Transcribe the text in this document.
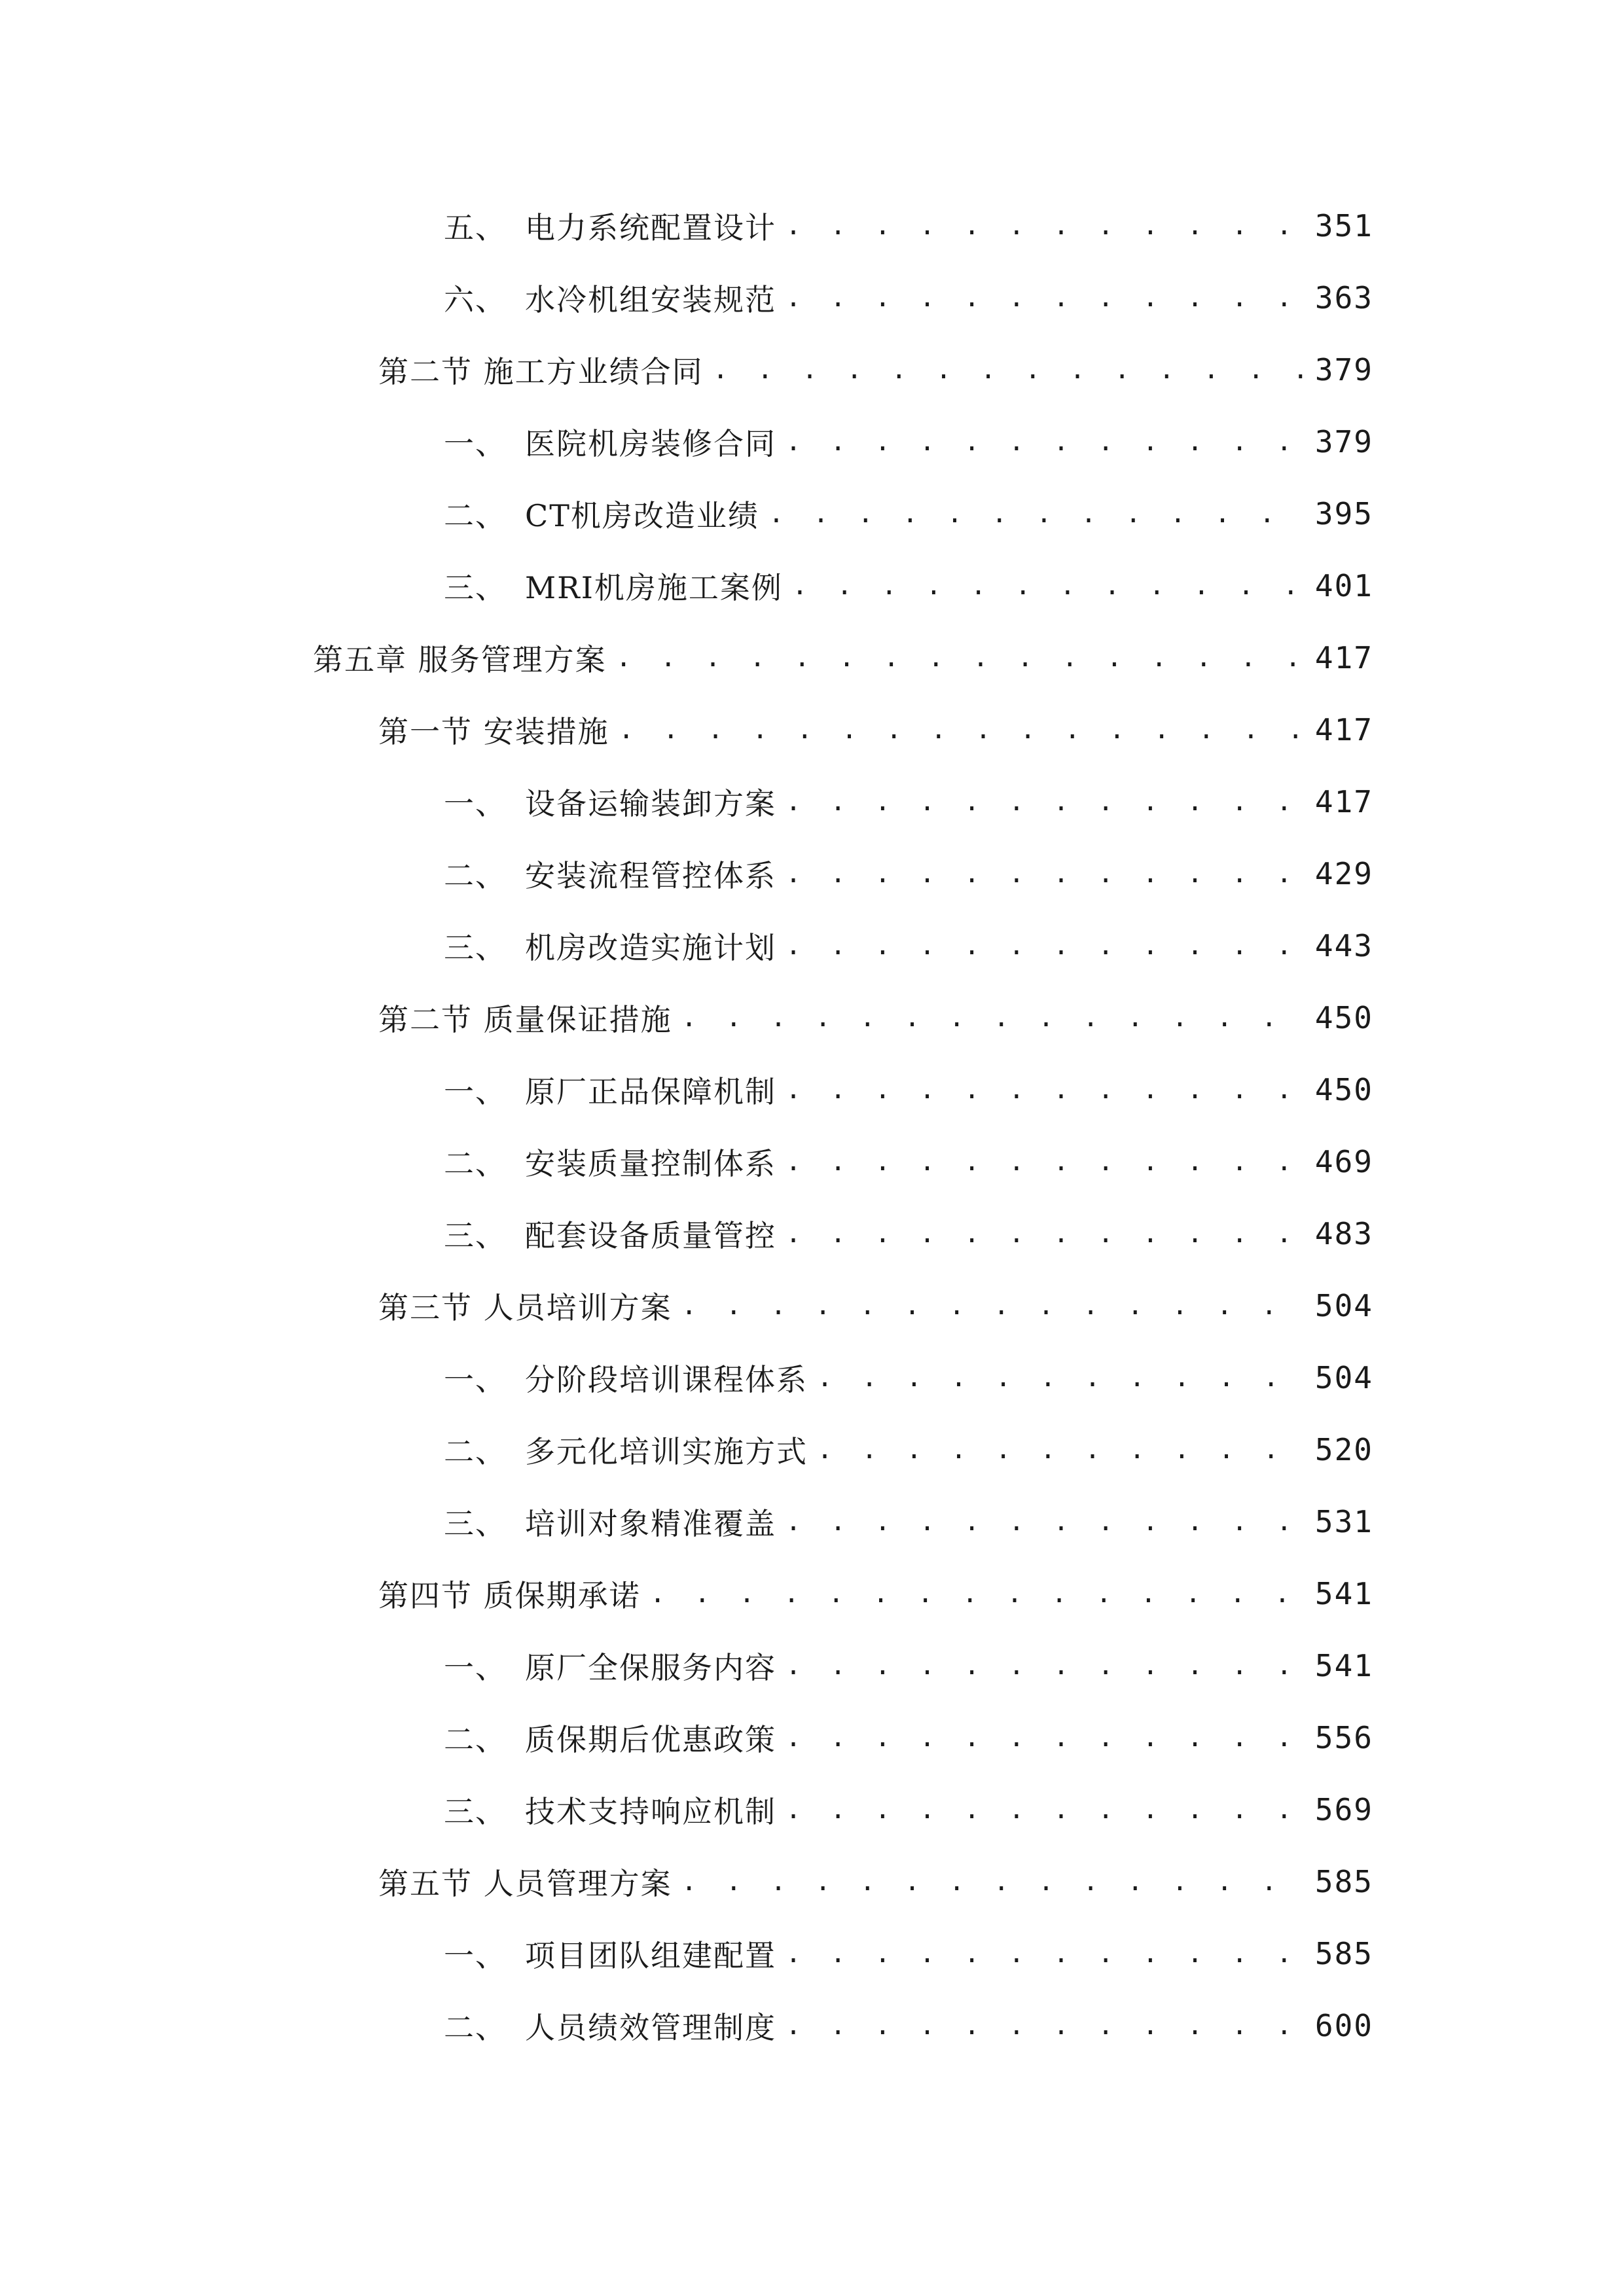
五、 电力系统配置设计 . . .	351
六、 水冷机组安装规范 . . .	363
第二节 施工方业绩合同 . . .	379
一、 医院机房装修合同 . . .	379
二、 CT机房改造业绩 . . .	395
三、 MRI机房施工案例 . . .	401
第五章 服务管理方案 . . .	417
第一节 安装措施 . . .	417
一、 设备运输装卸方案 . . .	417
二、 安装流程管控体系 . . .	429
三、 机房改造实施计划 . . .	443
第二节 质量保证措施 . . .	450
一、 原厂正品保障机制 . . .	450
二、 安装质量控制体系 . . .	469
三、 配套设备质量管控 . . .	483
第三节 人员培训方案 . . .	504
一、 分阶段培训课程体系 . . .	504
二、 多元化培训实施方式 . . .	520
三、 培训对象精准覆盖 . . .	531
第四节 质保期承诺 . . .	541
一、 原厂全保服务内容 . . .	541
二、 质保期后优惠政策 . . .	556
三、 技术支持响应机制 . . .	569
第五节 人员管理方案 . . .	585
一、 项目团队组建配置 . . .	585
二、 人员绩效管理制度 . . .	600
